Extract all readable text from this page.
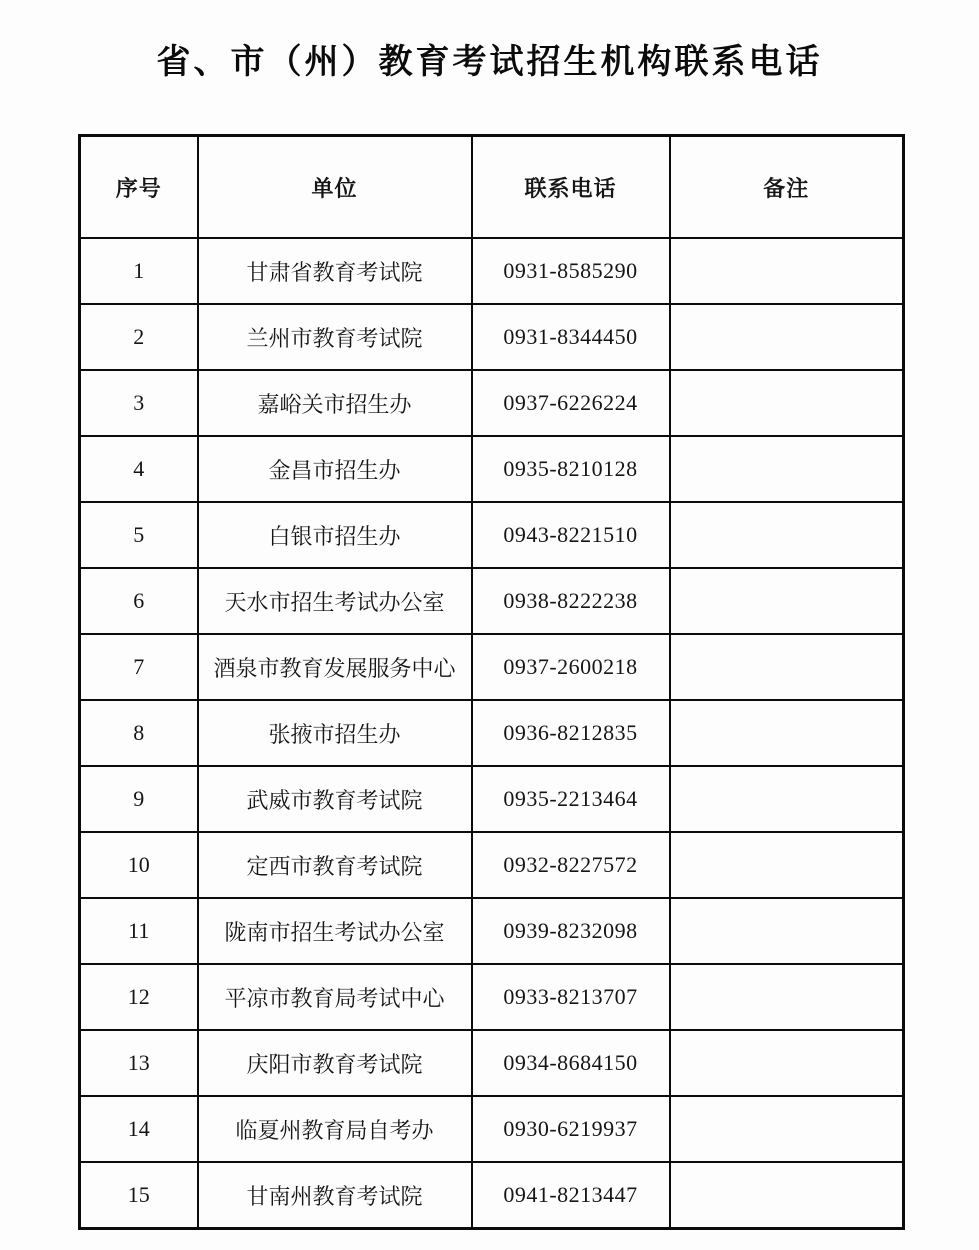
省、市（州）教育考试招生机构联系电话
序号	单位	联系电话	备注
1	甘肃省教育考试院	0931-8585290	
2	兰州市教育考试院	0931-8344450	
3	嘉峪关市招生办	0937-6226224	
4	金昌市招生办	0935-8210128	
5	白银市招生办	0943-8221510	
6	天水市招生考试办公室	0938-8222238	
7	酒泉市教育发展服务中心	0937-2600218	
8	张掖市招生办	0936-8212835	
9	武威市教育考试院	0935-2213464	
10	定西市教育考试院	0932-8227572	
11	陇南市招生考试办公室	0939-8232098	
12	平凉市教育局考试中心	0933-8213707	
13	庆阳市教育考试院	0934-8684150	
14	临夏州教育局自考办	0930-6219937	
15	甘南州教育考试院	0941-8213447	
